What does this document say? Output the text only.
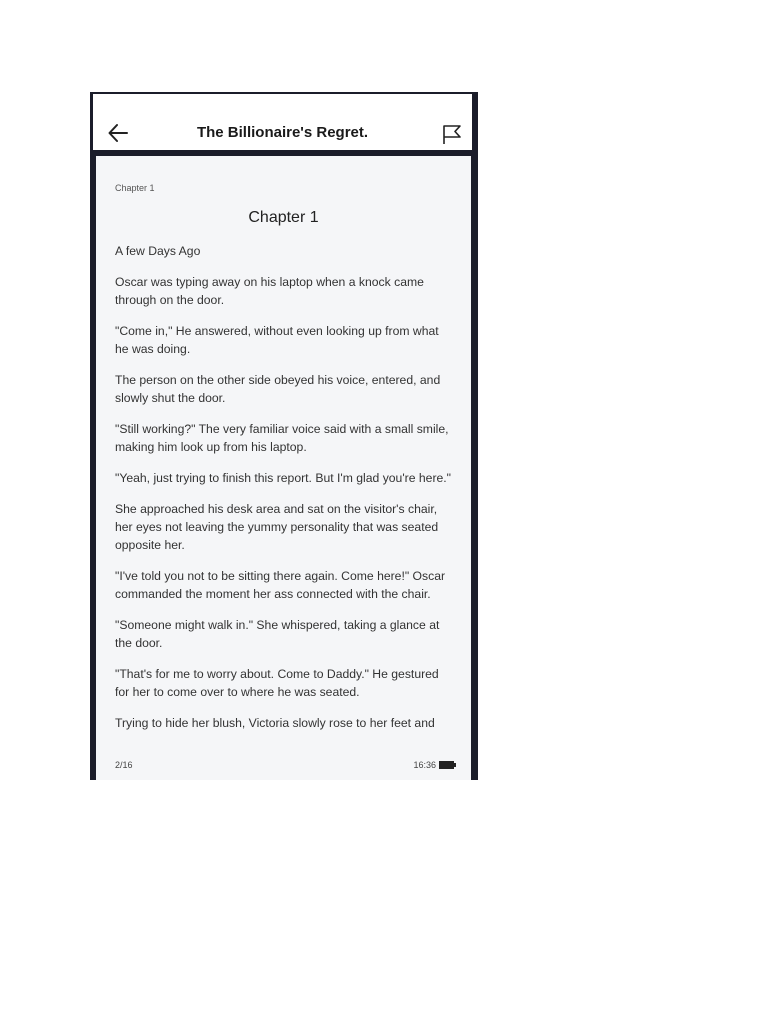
The Billionaire's Regret.
Chapter 1
Chapter 1

A few Days Ago

Oscar was typing away on his laptop when a knock came through on the door.

"Come in," He answered, without even looking up from what he was doing.

The person on the other side obeyed his voice, entered, and slowly shut the door.

"Still working?" The very familiar voice said with a small smile, making him look up from his laptop.

"Yeah, just trying to finish this report. But I'm glad you're here."

She approached his desk area and sat on the visitor's chair, her eyes not leaving the yummy personality that was seated opposite her.

"I've told you not to be sitting there again. Come here!" Oscar commanded the moment her ass connected with the chair.

"Someone might walk in." She whispered, taking a glance at the door.

"That's for me to worry about. Come to Daddy." He gestured for her to come over to where he was seated.

Trying to hide her blush, Victoria slowly rose to her feet and

2/16	16:36
